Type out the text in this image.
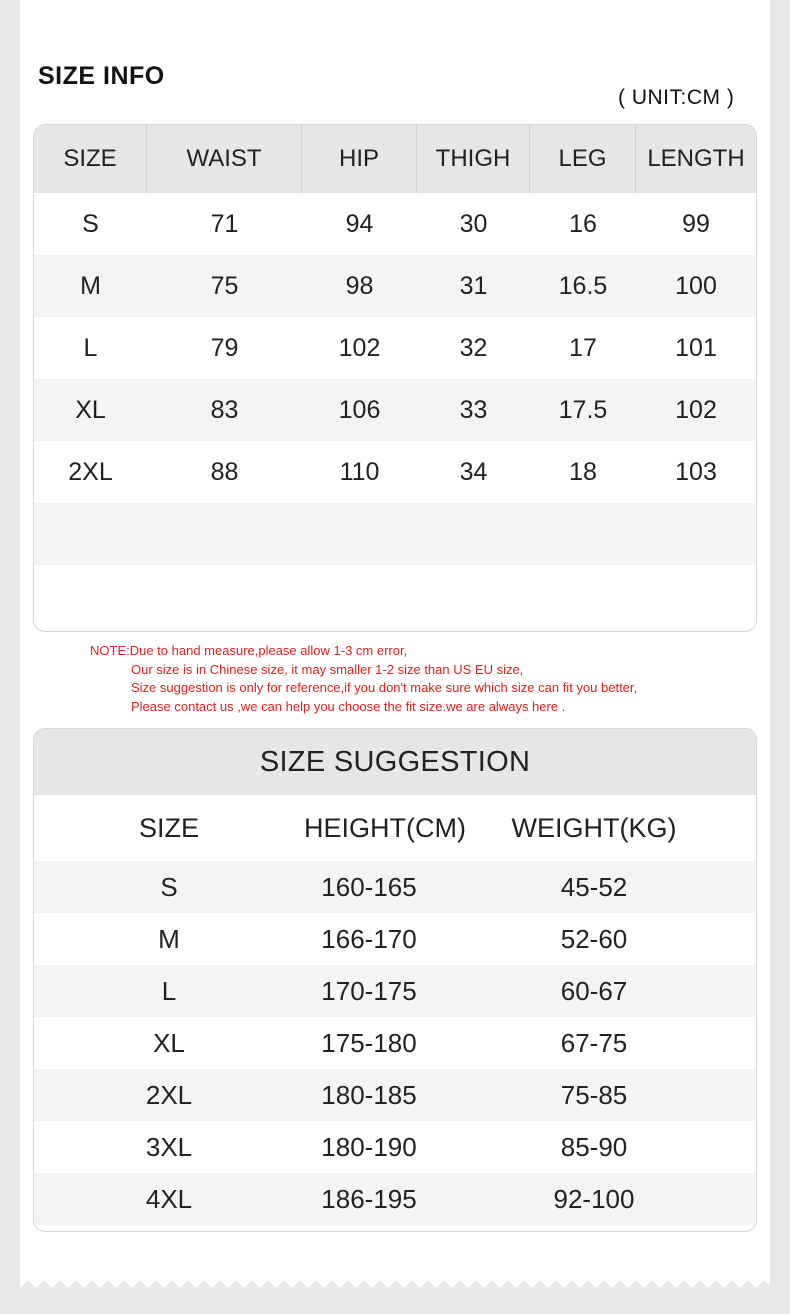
SIZE INFO
( UNIT:CM )
SIZE	WAIST	HIP	THIGH	LEG	LENGTH
S	71	94	30	16	99
M	75	98	31	16.5	100
L	79	102	32	17	101
XL	83	106	33	17.5	102
2XL	88	110	34	18	103
NOTE:Due to hand measure,please allow 1-3 cm error,
Our size is in Chinese size, it may smaller 1-2 size than US EU size,
Size suggestion is only for reference,if you don't make sure which size can fit you better,
Please contact us ,we can help you choose the fit size.we are always here .
SIZE SUGGESTION
SIZE	HEIGHT(CM)	WEIGHT(KG)
S	160-165	45-52
M	166-170	52-60
L	170-175	60-67
XL	175-180	67-75
2XL	180-185	75-85
3XL	180-190	85-90
4XL	186-195	92-100
